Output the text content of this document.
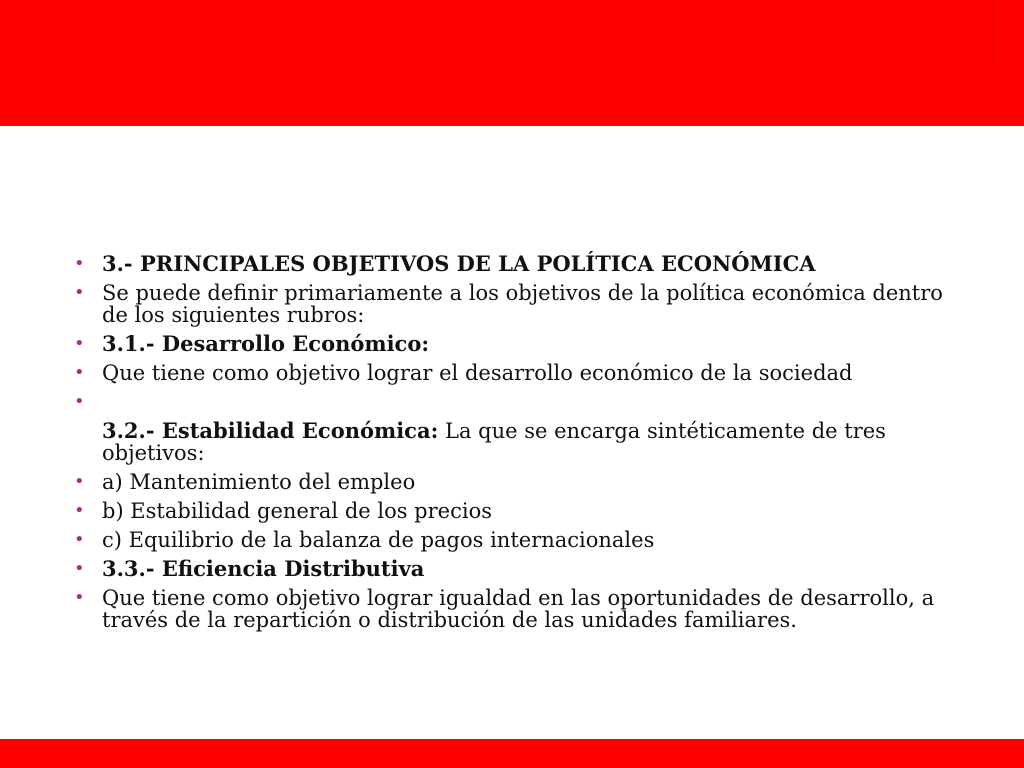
• 3.- PRINCIPALES OBJETIVOS DE LA POLÍTICA ECONÓMICA
• Se puede definir primariamente a los objetivos de la política económica dentro de los siguientes rubros:
• 3.1.- Desarrollo Económico:
• Que tiene como objetivo lograr el desarrollo económico de la sociedad
•
3.2.- Estabilidad Económica: La que se encarga sintéticamente de tres objetivos:
• a) Mantenimiento del empleo
• b) Estabilidad general de los precios
• c) Equilibrio de la balanza de pagos internacionales
• 3.3.- Eficiencia Distributiva
• Que tiene como objetivo lograr igualdad en las oportunidades de desarrollo, a través de la repartición o distribución de las unidades familiares.
